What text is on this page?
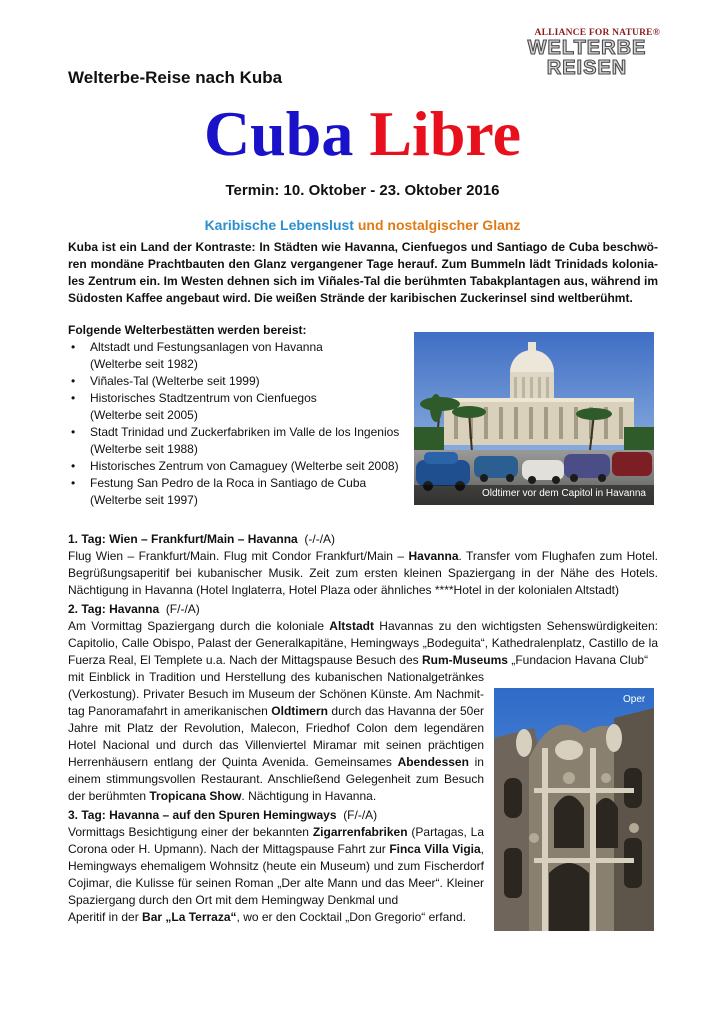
ALLIANCE FOR NATURE®
WELTERBE
REISEN
Welterbe-Reise nach Kuba
Cuba Libre
Termin: 10. Oktober - 23. Oktober 2016
Karibische Lebenslust und nostalgischer Glanz
Kuba ist ein Land der Kontraste: In Städten wie Havanna, Cienfuegos und Santiago de Cuba beschwö-ren mondäne Prachtbauten den Glanz vergangener Tage herauf. Zum Bummeln lädt Trinidads kolonia-les Zentrum ein. Im Westen dehnen sich im Viñales-Tal die berühmten Tabakplantagen aus, während im Südosten Kaffee angebaut wird. Die weißen Strände der karibischen Zuckerinsel sind weltberühmt.
Folgende Welterbestätten werden bereist:
• Altstadt und Festungsanlagen von Havanna
(Welterbe seit 1982)
• Viñales-Tal (Welterbe seit 1999)
• Historisches Stadtzentrum von Cienfuegos
(Welterbe seit 2005)
• Stadt Trinidad und Zuckerfabriken im Valle de los Ingenios
(Welterbe seit 1988)
• Historisches Zentrum von Camaguey (Welterbe seit 2008)
• Festung San Pedro de la Roca in Santiago de Cuba
(Welterbe seit 1997)	Oldtimer vor dem Capitol in Havanna
Oper

1. Tag: Wien – Frankfurt/Main – Havanna (-/-/A)

Flug Wien – Frankfurt/Main. Flug mit Condor Frankfurt/Main – Havanna. Transfer vom Flughafen zum Hotel. Begrüßungsaperitif bei kubanischer Musik. Zeit zum ersten kleinen Spaziergang in der Nähe des Hotels. Nächtigung in Havanna (Hotel Inglaterra, Hotel Plaza oder ähnliches ****Hotel in der kolonialen Altstadt)

2. Tag: Havanna (F/-/A)

Am Vormittag Spaziergang durch die koloniale Altstadt Havannas zu den wichtigsten Sehenswürdigkeiten: Capitolio, Calle Obispo, Palast der Generalkapitäne, Hemingways „Bodeguita“, Kathedralenplatz, Castillo de la Fuerza Real, El Templete u.a. Nach der Mittagspause Besuch des Rum-Museums „Fundacion Havana Club“

mit Einblick in Tradition und Herstellung des kubanischen Nationalgetränkes (Verkostung). Privater Besuch im Museum der Schönen Künste. Am Nachmit-tag Panoramafahrt in amerikanischen Oldtimern durch das Havanna der 50er Jahre mit Platz der Revolution, Malecon, Friedhof Colon dem legendären Hotel Nacional und durch das Villenviertel Miramar mit seinen prächtigen Herrenhäusern entlang der Quinta Avenida. Gemeinsames Abendessen in einem stimmungsvollen Restaurant. Anschließend Gelegenheit zum Besuch der berühmten Tropicana Show. Nächtigung in Havanna.

3. Tag: Havanna – auf den Spuren Hemingways (F/-/A)

Vormittags Besichtigung einer der bekannten Zigarrenfabriken (Partagas, La Corona oder H. Upmann). Nach der Mittagspause Fahrt zur Finca Villa Vigia, Hemingways ehemaligem Wohnsitz (heute ein Museum) und zum Fischerdorf Cojimar, die Kulisse für seinen Roman „Der alte Mann und das Meer“. Kleiner Spaziergang durch den Ort mit dem Hemingway Denkmal und

Aperitif in der Bar „La Terraza“, wo er den Cocktail „Don Gregorio“ erfand.
